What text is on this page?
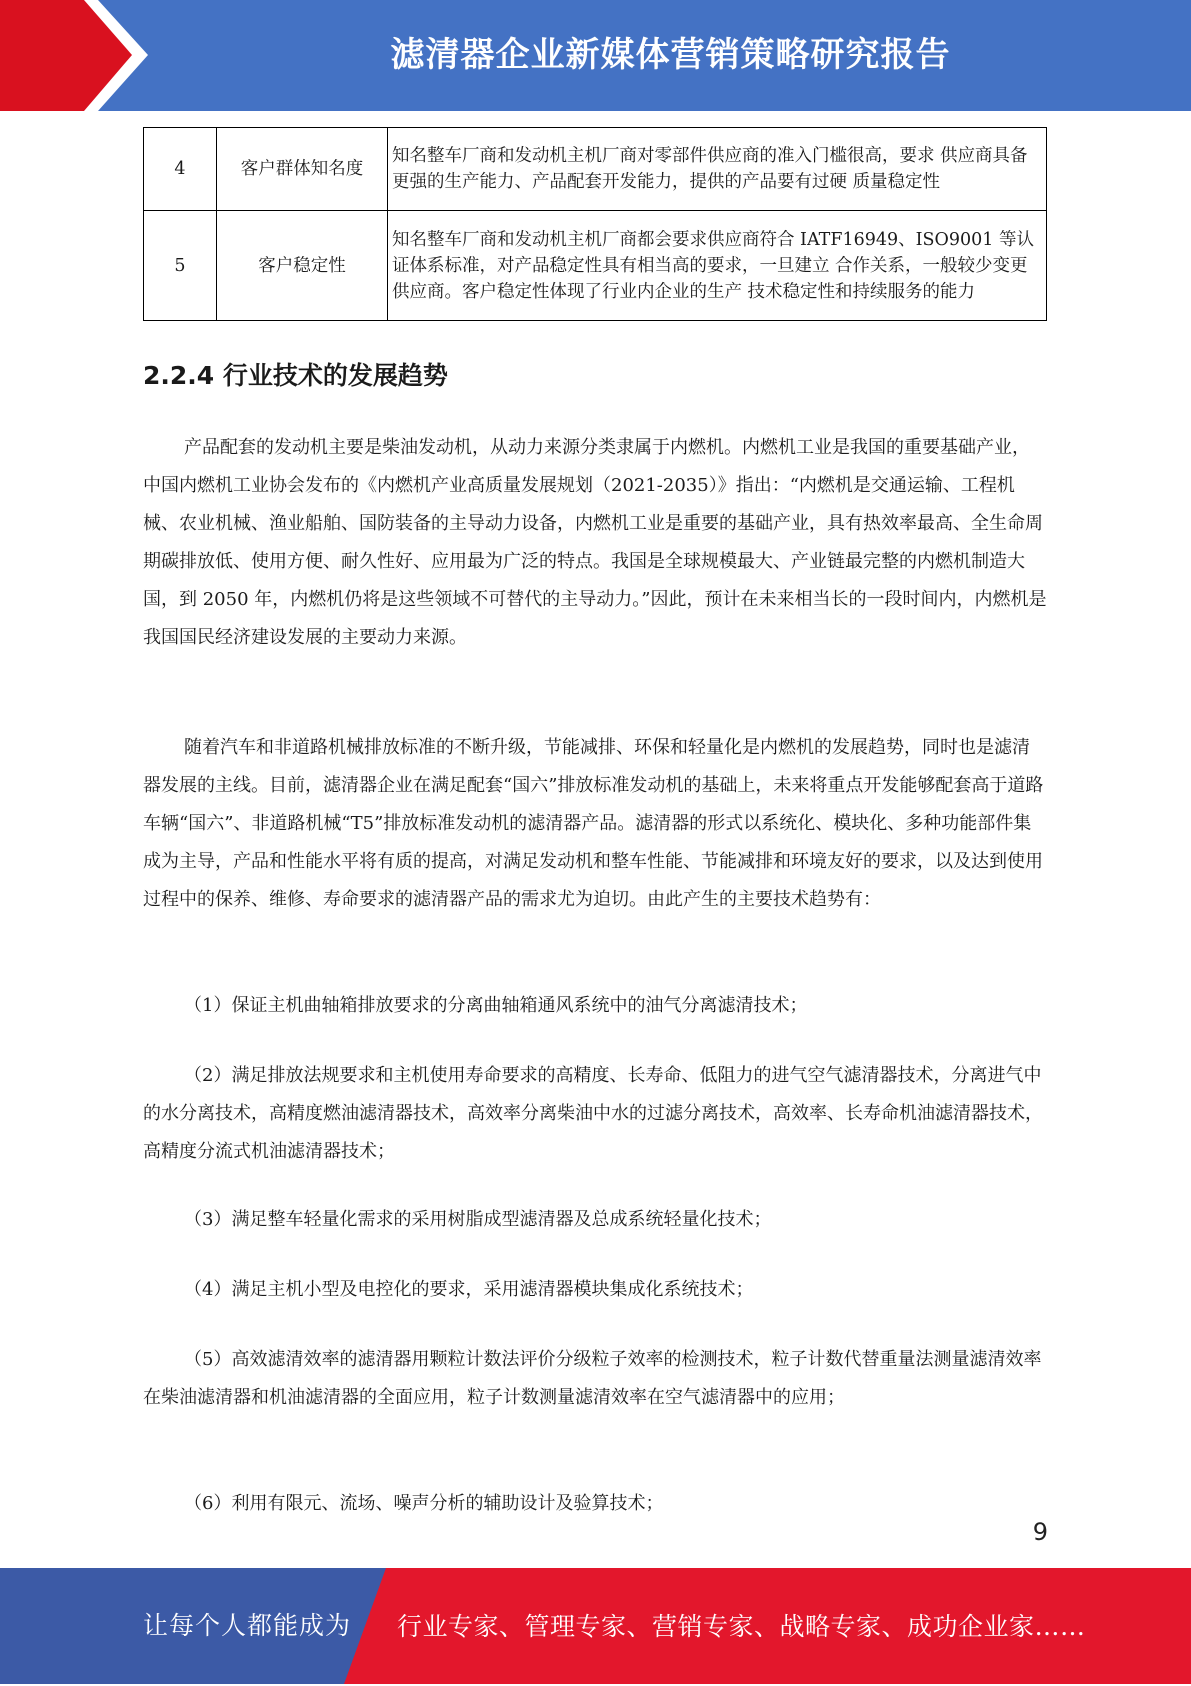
滤清器企业新媒体营销策略研究报告
4	客户群体知名度	知名整车厂商和发动机主机厂商对零部件供应商的准入门槛很高，要求 供应商具备更强的生产能力、产品配套开发能力，提供的产品要有过硬 质量稳定性
5	客户稳定性	知名整车厂商和发动机主机厂商都会要求供应商符合 IATF16949、ISO9001 等认证体系标准，对产品稳定性具有相当高的要求，一旦建立 合作关系，一般较少变更供应商。客户稳定性体现了行业内企业的生产 技术稳定性和持续服务的能力
2.2.4 行业技术的发展趋势

产品配套的发动机主要是柴油发动机，从动力来源分类隶属于内燃机。内燃机工业是我国的重要基础产业，中国内燃机工业协会发布的《内燃机产业高质量发展规划（2021-2035）》指出：“内燃机是交通运输、工程机械、农业机械、渔业船舶、国防装备的主导动力设备，内燃机工业是重要的基础产业，具有热效率最高、全生命周期碳排放低、使用方便、耐久性好、应用最为广泛的特点。我国是全球规模最大、产业链最完整的内燃机制造大国，到 2050 年，内燃机仍将是这些领域不可替代的主导动力。”因此，预计在未来相当长的一段时间内，内燃机是我国国民经济建设发展的主要动力来源。

随着汽车和非道路机械排放标准的不断升级，节能减排、环保和轻量化是内燃机的发展趋势，同时也是滤清器发展的主线。目前，滤清器企业在满足配套“国六”排放标准发动机的基础上，未来将重点开发能够配套高于道路车辆“国六”、非道路机械“T5”排放标准发动机的滤清器产品。滤清器的形式以系统化、模块化、多种功能部件集成为主导，产品和性能水平将有质的提高，对满足发动机和整车性能、节能减排和环境友好的要求，以及达到使用过程中的保养、维修、寿命要求的滤清器产品的需求尤为迫切。由此产生的主要技术趋势有：

（1）保证主机曲轴箱排放要求的分离曲轴箱通风系统中的油气分离滤清技术；

（2）满足排放法规要求和主机使用寿命要求的高精度、长寿命、低阻力的进气空气滤清器技术，分离进气中的水分离技术，高精度燃油滤清器技术，高效率分离柴油中水的过滤分离技术，高效率、长寿命机油滤清器技术，高精度分流式机油滤清器技术；

（3）满足整车轻量化需求的采用树脂成型滤清器及总成系统轻量化技术；

（4）满足主机小型及电控化的要求，采用滤清器模块集成化系统技术；

（5）高效滤清效率的滤清器用颗粒计数法评价分级粒子效率的检测技术，粒子计数代替重量法测量滤清效率在柴油滤清器和机油滤清器的全面应用，粒子计数测量滤清效率在空气滤清器中的应用；

（6）利用有限元、流场、噪声分析的辅助设计及验算技术；

9
让每个人都能成为 行业专家、管理专家、营销专家、战略专家、成功企业家……
